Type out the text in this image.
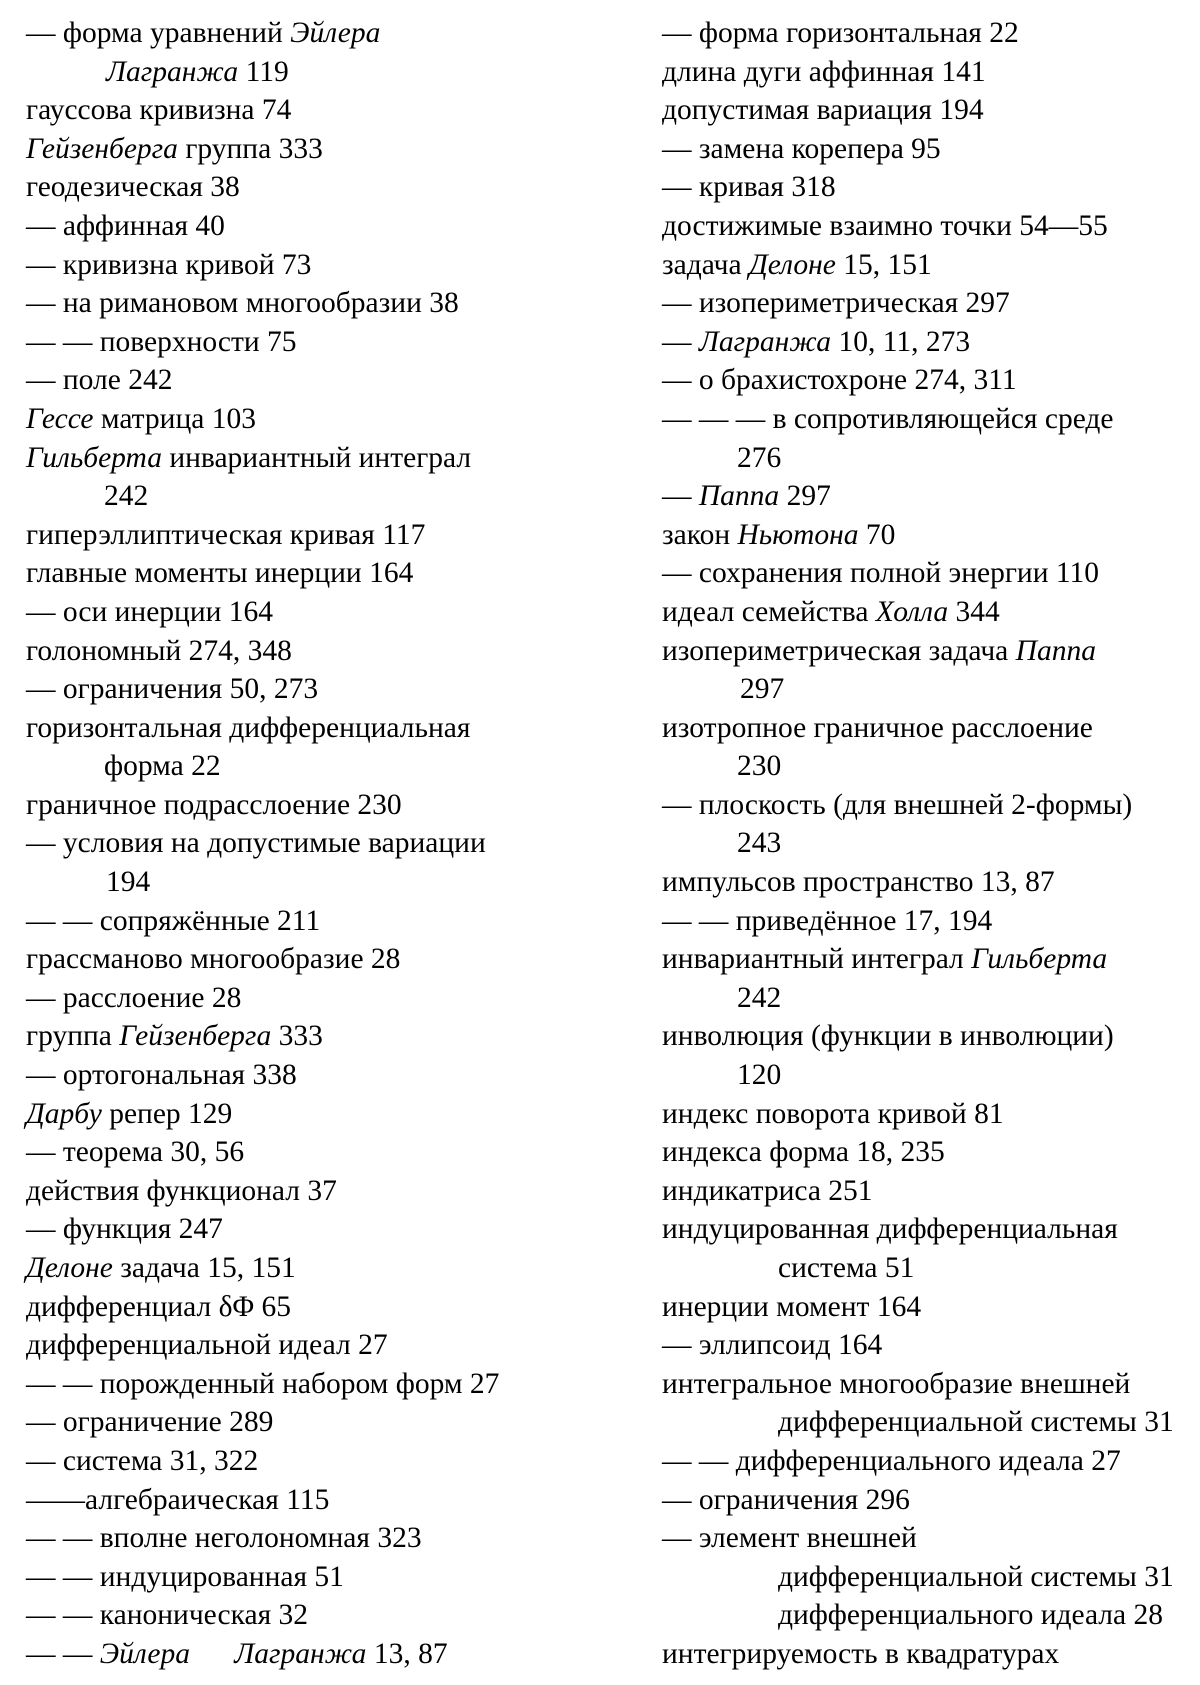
— форма уравнений Эйлера
Лагранжа 119
гауссова кривизна 74
Гейзенберга группа 333
геодезическая 38
— аффинная 40
— кривизна кривой 73
— на римановом многообразии 38
— — поверхности 75
— поле 242
Гессе матрица 103
Гильберта инвариантный интеграл
242
гиперэллиптическая кривая 117
главные моменты инерции 164
— оси инерции 164
голономный 274, 348
— ограничения 50, 273
горизонтальная дифференциальная
форма 22
граничное подрасслоение 230
— условия на допустимые вариации
194
— — сопряжённые 211
грассманово многообразие 28
— расслоение 28
группа Гейзенберга 333
— ортогональная 338
Дарбу репер 129
— теорема 30, 56
действия функционал 37
— функция 247
Делоне задача 15, 151
дифференциал δΦ 65
дифференциальной идеал 27
— — порожденный набором форм 27
— ограничение 289
— система 31, 322
——алгебраическая 115
— — вполне неголономная 323
— — индуцированная 51
— — каноническая 32
— — Эйлера      Лагранжа 13, 87
— форма горизонтальная 22
длина дуги аффинная 141
допустимая вариация 194
— замена корепера 95
— кривая 318
достижимые взаимно точки 54—55
задача Делоне 15, 151
— изопериметрическая 297
— Лагранжа 10, 11, 273
— о брахистохроне 274, 311
— — — в сопротивляющейся среде
276
— Паппа 297
закон Ньютона 70
— сохранения полной энергии 110
идеал семейства Холла 344
изопериметрическая задача Паппа
297
изотропное граничное расслоение
230
— плоскость (для внешней 2-формы)
243
импульсов пространство 13, 87
— — приведённое 17, 194
инвариантный интеграл Гильберта
242
инволюция (функции в инволюции)
120
индекс поворота кривой 81
индекса форма 18, 235
индикатриса 251
индуцированная дифференциальная
система 51
инерции момент 164
— эллипсоид 164
интегральное многообразие внешней
дифференциальной системы 31
— — дифференциального идеала 27
— ограничения 296
— элемент внешней
дифференциальной системы 31
дифференциального идеала 28
интегрируемость в квадратурах
